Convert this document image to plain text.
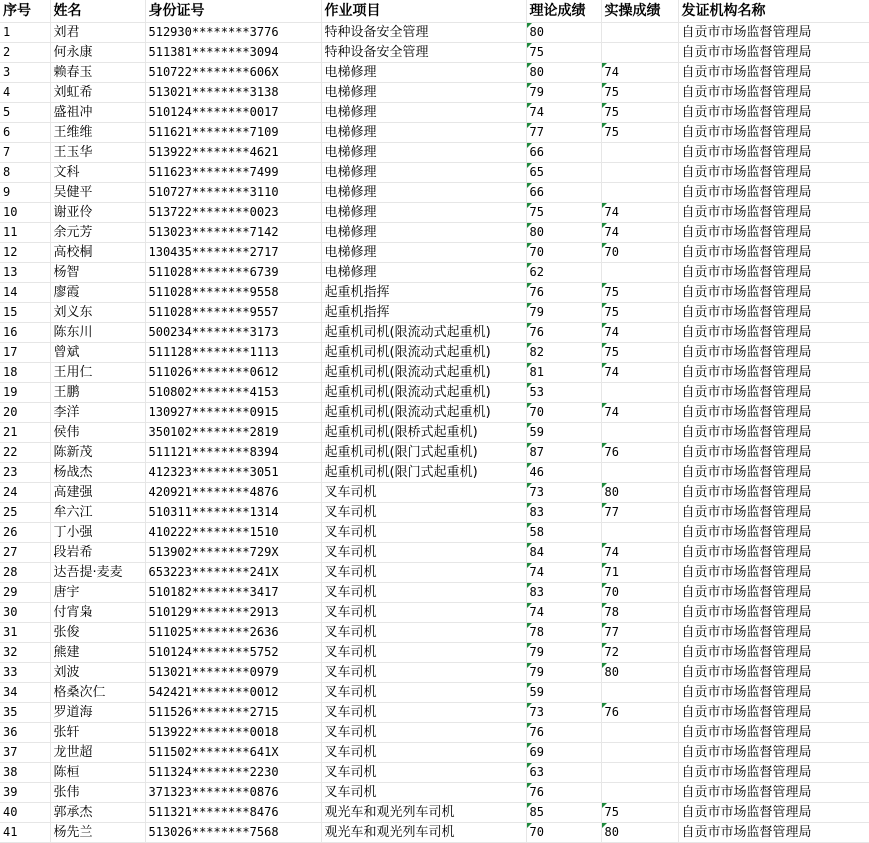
序号	姓名	身份证号	作业项目	理论成绩	实操成绩	发证机构名称
1	刘君	512930********3776	特种设备安全管理	80		自贡市市场监督管理局
2	何永康	511381********3094	特种设备安全管理	75		自贡市市场监督管理局
3	赖春玉	510722********606X	电梯修理	80	74	自贡市市场监督管理局
4	刘虹希	513021********3138	电梯修理	79	75	自贡市市场监督管理局
5	盛祖冲	510124********0017	电梯修理	74	75	自贡市市场监督管理局
6	王维维	511621********7109	电梯修理	77	75	自贡市市场监督管理局
7	王玉华	513922********4621	电梯修理	66		自贡市市场监督管理局
8	文科	511623********7499	电梯修理	65		自贡市市场监督管理局
9	吴健平	510727********3110	电梯修理	66		自贡市市场监督管理局
10	谢亚伶	513722********0023	电梯修理	75	74	自贡市市场监督管理局
11	余元芳	513023********7142	电梯修理	80	74	自贡市市场监督管理局
12	高校桐	130435********2717	电梯修理	70	70	自贡市市场监督管理局
13	杨智	511028********6739	电梯修理	62		自贡市市场监督管理局
14	廖霞	511028********9558	起重机指挥	76	75	自贡市市场监督管理局
15	刘义东	511028********9557	起重机指挥	79	75	自贡市市场监督管理局
16	陈东川	500234********3173	起重机司机(限流动式起重机)	76	74	自贡市市场监督管理局
17	曾斌	511128********1113	起重机司机(限流动式起重机)	82	75	自贡市市场监督管理局
18	王用仁	511026********0612	起重机司机(限流动式起重机)	81	74	自贡市市场监督管理局
19	王鹏	510802********4153	起重机司机(限流动式起重机)	53		自贡市市场监督管理局
20	李洋	130927********0915	起重机司机(限流动式起重机)	70	74	自贡市市场监督管理局
21	侯伟	350102********2819	起重机司机(限桥式起重机)	59		自贡市市场监督管理局
22	陈新茂	511121********8394	起重机司机(限门式起重机)	87	76	自贡市市场监督管理局
23	杨战杰	412323********3051	起重机司机(限门式起重机)	46		自贡市市场监督管理局
24	高建强	420921********4876	叉车司机	73	80	自贡市市场监督管理局
25	牟六江	510311********1314	叉车司机	83	77	自贡市市场监督管理局
26	丁小强	410222********1510	叉车司机	58		自贡市市场监督管理局
27	段岩希	513902********729X	叉车司机	84	74	自贡市市场监督管理局
28	达吾提·麦麦	653223********241X	叉车司机	74	71	自贡市市场监督管理局
29	唐宇	510182********3417	叉车司机	83	70	自贡市市场监督管理局
30	付宵枭	510129********2913	叉车司机	74	78	自贡市市场监督管理局
31	张俊	511025********2636	叉车司机	78	77	自贡市市场监督管理局
32	熊建	510124********5752	叉车司机	79	72	自贡市市场监督管理局
33	刘波	513021********0979	叉车司机	79	80	自贡市市场监督管理局
34	格桑次仁	542421********0012	叉车司机	59		自贡市市场监督管理局
35	罗道海	511526********2715	叉车司机	73	76	自贡市市场监督管理局
36	张轩	513922********0018	叉车司机	76		自贡市市场监督管理局
37	龙世超	511502********641X	叉车司机	69		自贡市市场监督管理局
38	陈桓	511324********2230	叉车司机	63		自贡市市场监督管理局
39	张伟	371323********0876	叉车司机	76		自贡市市场监督管理局
40	郭承杰	511321********8476	观光车和观光列车司机	85	75	自贡市市场监督管理局
41	杨先兰	513026********7568	观光车和观光列车司机	70	80	自贡市市场监督管理局
